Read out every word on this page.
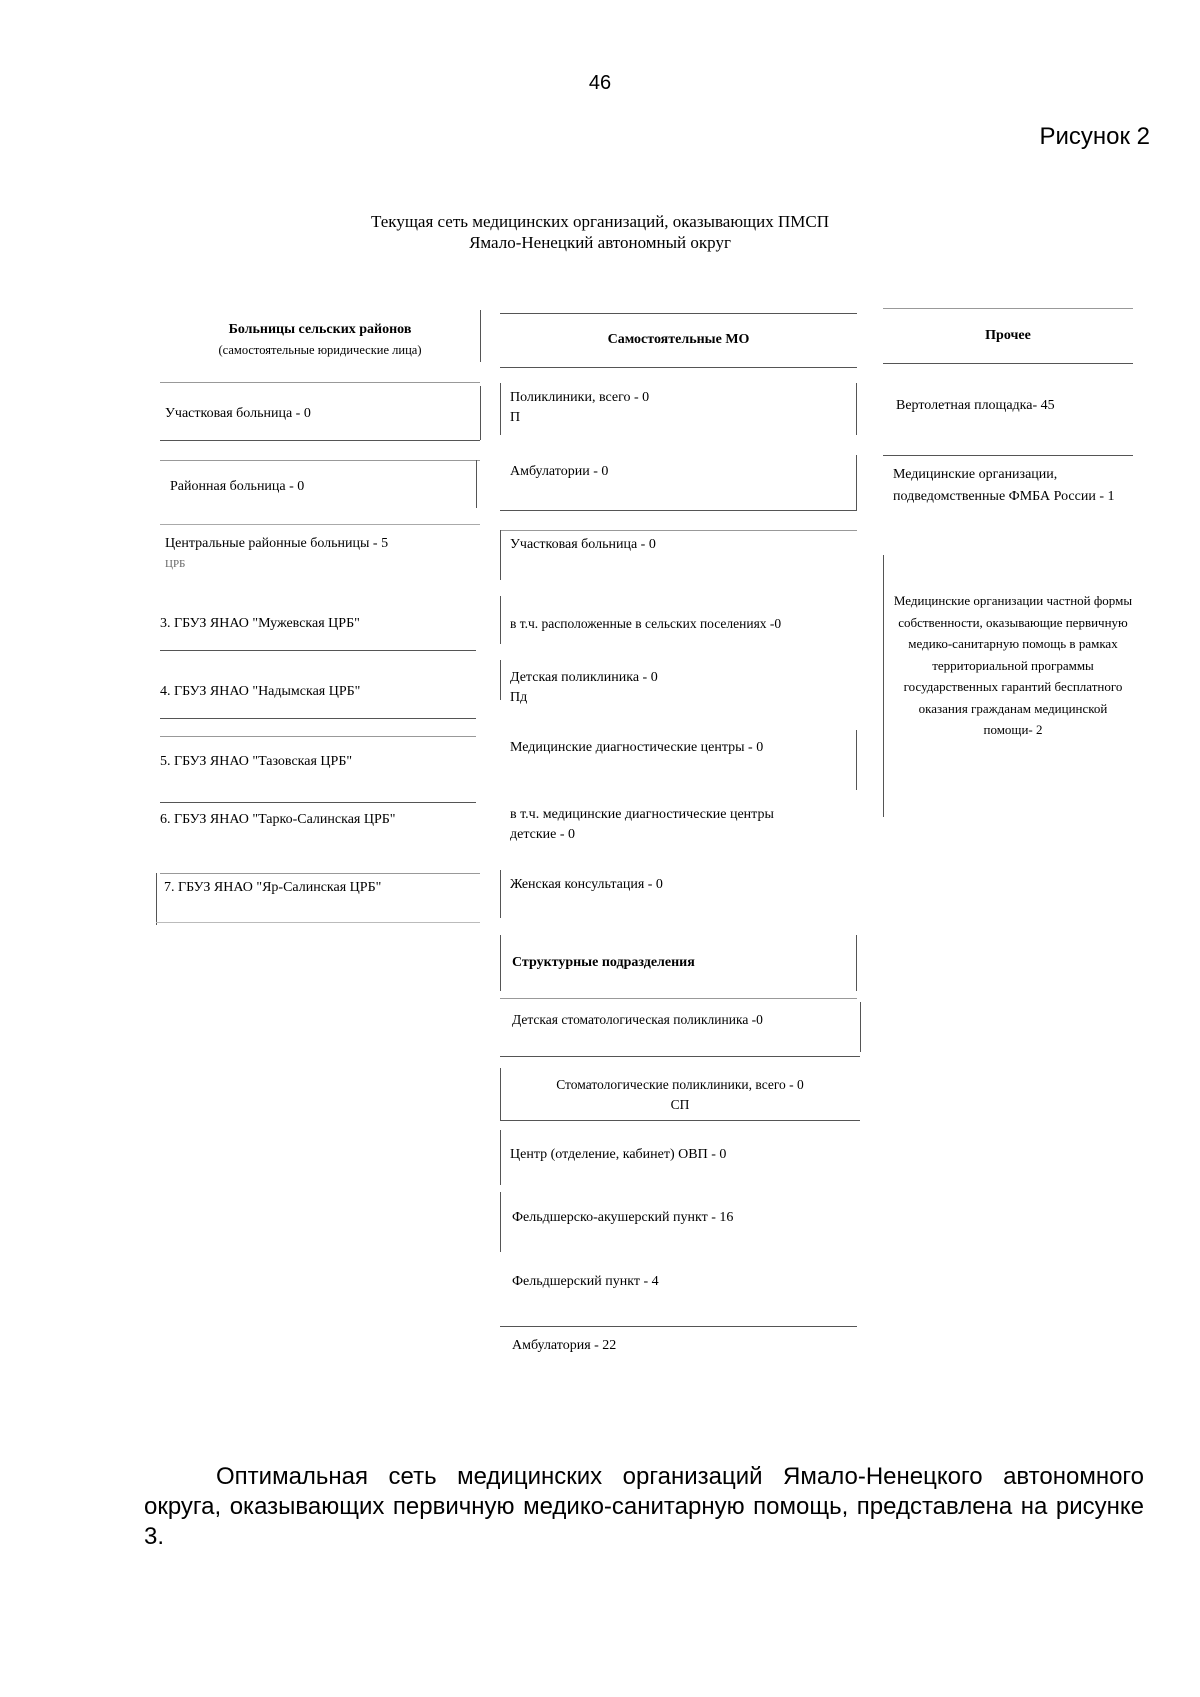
46
Рисунок 2
Текущая сеть медицинских организаций, оказывающих ПМСП
Ямало-Ненецкий автономный округ
Больницы сельских районов
(самостоятельные юридические лица)
Участковая больница - 0
Районная больница - 0
Центральные районные больницы - 5
ЦРБ
3. ГБУЗ ЯНАО "Мужевская ЦРБ"
4. ГБУЗ ЯНАО "Надымская ЦРБ"
5. ГБУЗ ЯНАО "Тазовская ЦРБ"
6. ГБУЗ ЯНАО "Тарко-Салинская ЦРБ"
7. ГБУЗ ЯНАО "Яр-Салинская ЦРБ"
Самостоятельные МО
Поликлиники, всего - 0
П
Амбулатории - 0
Участковая больница - 0
в т.ч. расположенные в сельских поселениях -0
Детская поликлиника - 0
Пд
Медицинские диагностические центры - 0
в т.ч. медицинские диагностические центры детские - 0
Женская консультация - 0
Структурные подразделения
Детская стоматологическая поликлиника -0
Стоматологические поликлиники, всего - 0
СП
Центр (отделение, кабинет) ОВП - 0
Фельдшерско-акушерский пункт - 16
Фельдшерский пункт - 4
Амбулатория - 22
Прочее
Вертолетная площадка- 45
Медицинские организации, подведомственные ФМБА России - 1
Медицинские организации частной формы собственности, оказывающие первичную медико-санитарную помощь в рамках территориальной программы государственных гарантий бесплатного оказания гражданам медицинской помощи- 2
Оптимальная сеть медицинских организаций Ямало-Ненецкого автономного округа, оказывающих первичную медико-санитарную помощь, представлена на рисунке 3.
